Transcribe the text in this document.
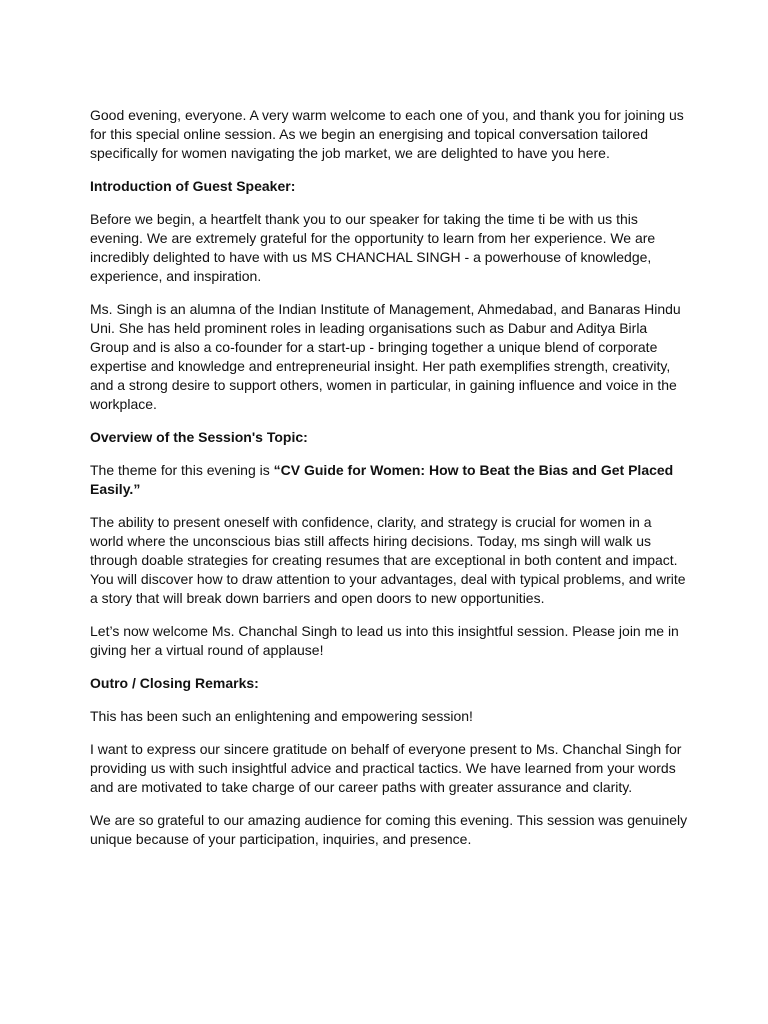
Good evening, everyone. A very warm welcome to each one of you, and thank you for joining us for this special online session. As we begin an energising and topical conversation tailored specifically for women navigating the job market, we are delighted to have you here.

Introduction of Guest Speaker:

Before we begin, a heartfelt thank you to our speaker for taking the time ti be with us this evening. We are extremely grateful for the opportunity to learn from her experience. We are incredibly delighted to have with us MS CHANCHAL SINGH - a powerhouse of knowledge, experience, and inspiration.

Ms. Singh is an alumna of the Indian Institute of Management, Ahmedabad, and Banaras Hindu Uni. She has held prominent roles in leading organisations such as Dabur and Aditya Birla Group and is also a co-founder for a start-up - bringing together a unique blend of corporate expertise and knowledge and entrepreneurial insight. Her path exemplifies strength, creativity, and a strong desire to support others, women in particular, in gaining influence and voice in the workplace.

Overview of the Session's Topic:

The theme for this evening is “CV Guide for Women: How to Beat the Bias and Get Placed Easily.”

The ability to present oneself with confidence, clarity, and strategy is crucial for women in a world where the unconscious bias still affects hiring decisions. Today, ms singh will walk us through doable strategies for creating resumes that are exceptional in both content and impact. You will discover how to draw attention to your advantages, deal with typical problems, and write a story that will break down barriers and open doors to new opportunities.

Let’s now welcome Ms. Chanchal Singh to lead us into this insightful session. Please join me in giving her a virtual round of applause!

Outro / Closing Remarks:

This has been such an enlightening and empowering session!

I want to express our sincere gratitude on behalf of everyone present to Ms. Chanchal Singh for providing us with such insightful advice and practical tactics. We have learned from your words and are motivated to take charge of our career paths with greater assurance and clarity.

We are so grateful to our amazing audience for coming this evening. This session was genuinely unique because of your participation, inquiries, and presence.
